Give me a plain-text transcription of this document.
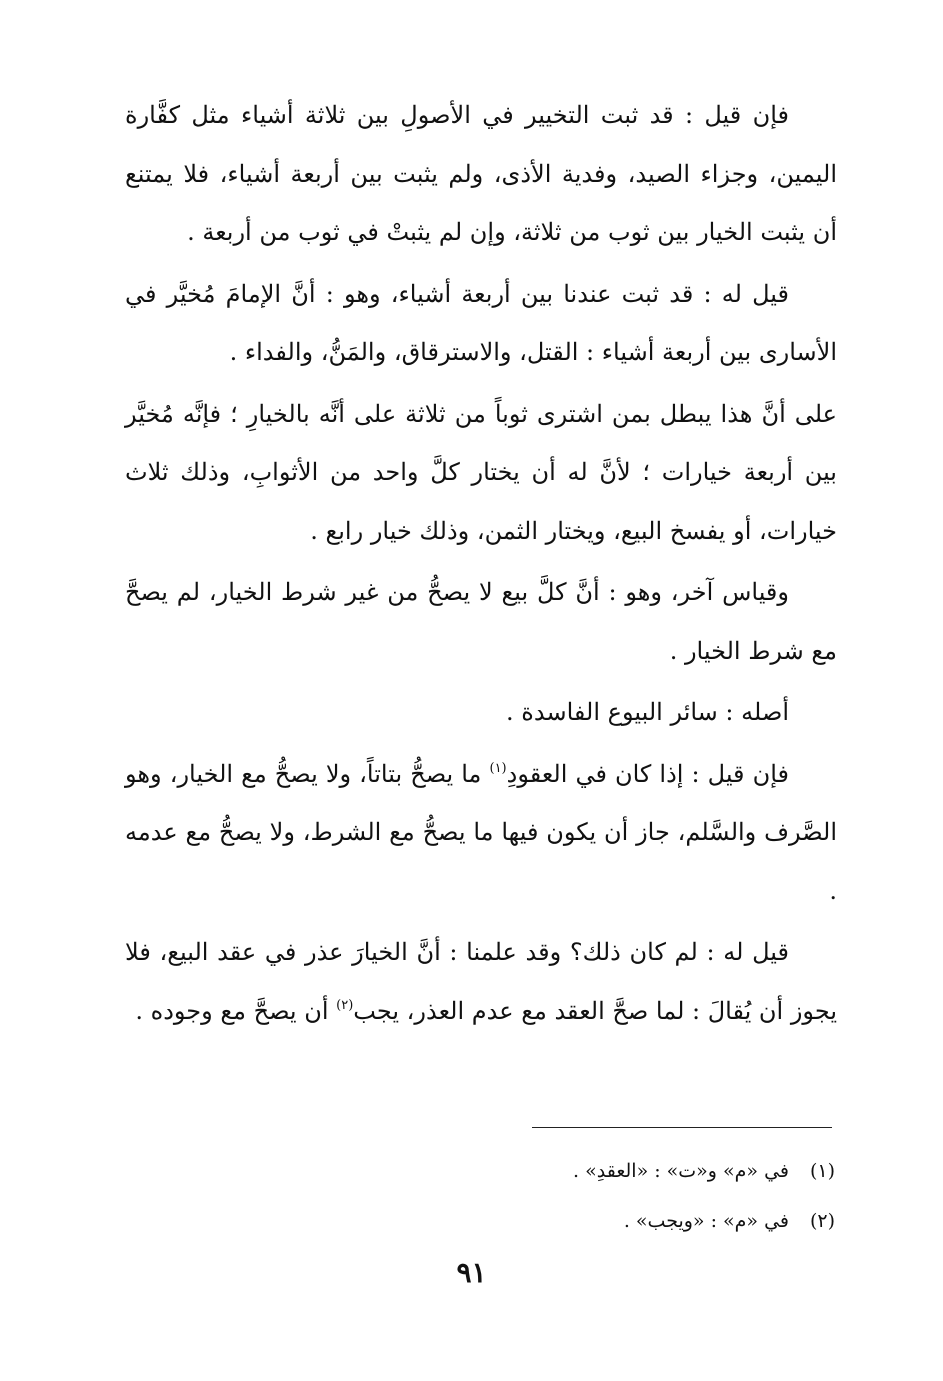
فإن قيل : قد ثبت التخيير في الأصولِ بين ثلاثة أشياء مثل كفَّارة اليمين، وجزاء الصيد، وفدية الأذى، ولم يثبت بين أربعة أشياء، فلا يمتنع أن يثبت الخيار بين ثوب من ثلاثة، وإن لم يثبتْ في ثوب من أربعة .

قيل له : قد ثبت عندنا بين أربعة أشياء، وهو : أنَّ الإمامَ مُخيَّر في الأسارى بين أربعة أشياء : القتل، والاسترقاق، والمَنُّ، والفداء .

على أنَّ هذا يبطل بمن اشترى ثوباً من ثلاثة على أنَّه بالخيارِ ؛ فإنَّه مُخيَّر بين أربعة خيارات ؛ لأنَّ له أن يختار كلَّ واحد من الأثوابِ، وذلك ثلاث خيارات، أو يفسخ البيع، ويختار الثمن، وذلك خيار رابع .

وقياس آخر، وهو : أنَّ كلَّ بيع لا يصحُّ من غير شرط الخيار، لم يصحَّ مع شرط الخيار .

أصله : سائر البيوع الفاسدة .

فإن قيل : إذا كان في العقودِ$^{(١)}$ ما يصحُّ بتاتاً، ولا يصحُّ مع الخيار، وهو الصَّرف والسَّلم، جاز أن يكون فيها ما يصحُّ مع الشرط، ولا يصحُّ مع عدمه .

قيل له : لم كان ذلك؟ وقد علمنا : أنَّ الخيارَ عذر في عقد البيع، فلا يجوز أن يُقالَ : لما صحَّ العقد مع عدم العذر، يجب$^{(٢)}$ أن يصحَّ مع وجوده .

(١)
في «م» و«ت» : «العقدِ» .
(٢)
في «م» : «ويجب» .
٩١
